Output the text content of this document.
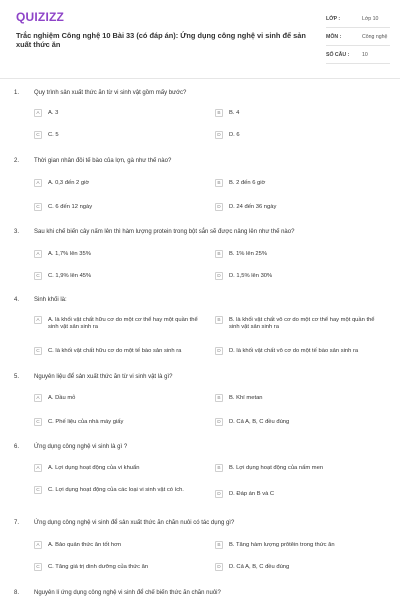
QUIZIZZ
Trắc nghiệm Công nghệ 10 Bài 33 (có đáp án): Ứng dụng công nghệ vi sinh để sản xuất thức ăn
LỚP :	Lớp 10
MÔN :	Công nghệ
SỐ CÂU :	10
1. Quy trình sản xuất thức ăn từ vi sinh vật gồm mấy bước?
A	A. 3	B	B. 4
C	C. 5	D	D. 6
2. Thời gian nhân đôi tế bào của lợn, gà như thế nào?
A	A. 0,3 đến 2 giờ	B	B. 2 đến 6 giờ
C	C. 6 đến 12 ngày	D	D. 24 đến 36 ngày
3. Sau khi chế biến cây nấm lên thì hàm lượng protein trong bột sắn sẽ được nâng lên như thế nào?
A	A. 1,7% lên 35%	B	B. 1% lên 25%
C	C. 1,9% lên 45%	D	D. 1,5% lên 30%
4. Sinh khối là:
A	A. là khối vật chất hữu cơ do một cơ thể hay một quần thể sinh vật sản sinh ra
B	B. là khối vật chất vô cơ do một cơ thể hay một quần thể sinh vật sản sinh ra
C	C. là khối vật chất hữu cơ do một tế bào sản sinh ra	D	D. là khối vật chất vô cơ do một tế bào sản sinh ra
5. Nguyên liệu để sản xuất thức ăn từ vi sinh vật là gì?
A	A. Dầu mỏ	B	B. Khí metan
C	C. Phế liệu của nhà máy giấy	D	D. Cả A, B, C đều đúng
6. Ứng dụng công nghệ vi sinh là gì ?
A	A. Lợi dụng hoạt động của vi khuẩn	B	B. Lợi dụng hoạt động của nấm men
C	C. Lợi dụng hoạt động của các loại vi sinh vật có ích.
D	D. Đáp án B và C
7. Ứng dụng công nghệ vi sinh để sản xuất thức ăn chăn nuôi có tác dụng gì?
A	A. Bảo quản thức ăn tốt hơn	B	B. Tăng hàm lượng prôtêin trong thức ăn
C	C. Tăng giá trị dinh dưỡng của thức ăn	D	D. Cả A, B, C đều đúng
8. Nguyên lí ứng dụng công nghệ vi sinh để chế biến thức ăn chăn nuôi?
